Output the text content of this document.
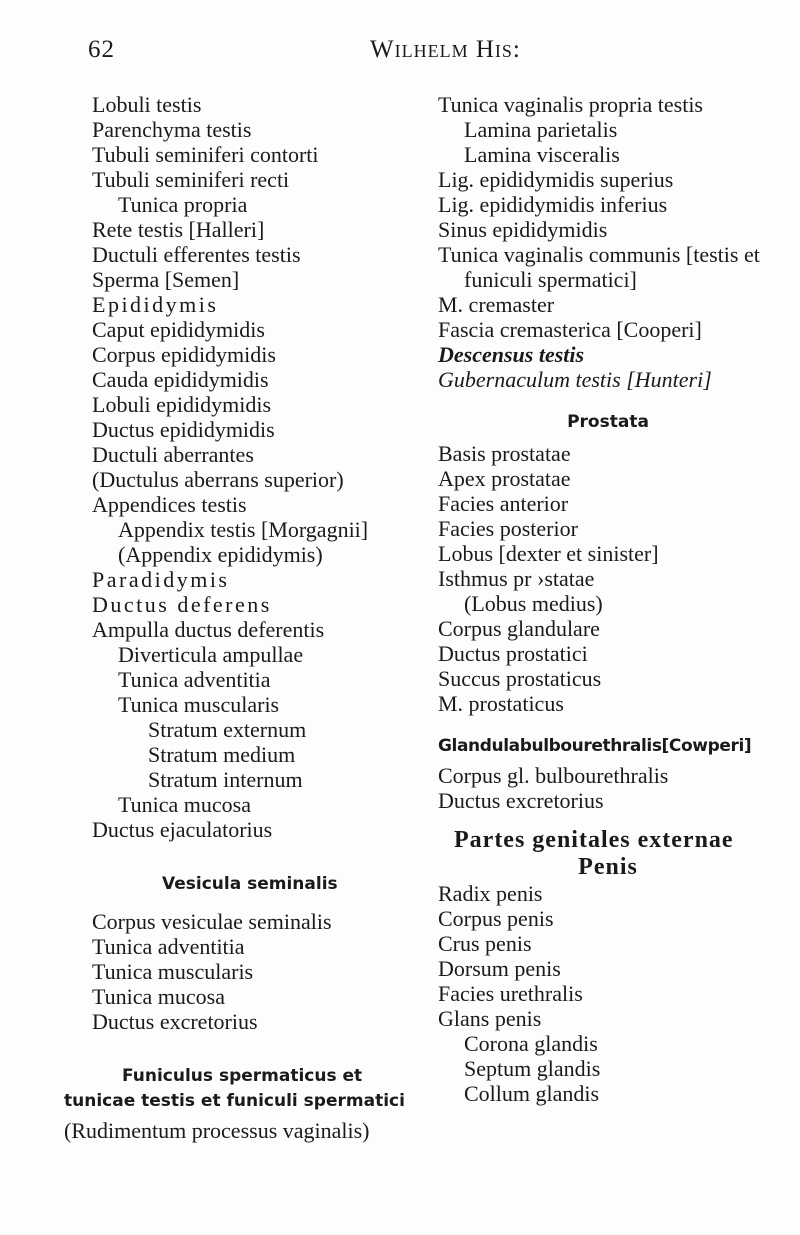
62	Wilhelm His:
Lobuli testis
Parenchyma testis
Tubuli seminiferi contorti
Tubuli seminiferi recti
Tunica propria
Rete testis [Halleri]
Ductuli efferentes testis
Sperma [Semen]
Epididymis
Caput epididymidis
Corpus epididymidis
Cauda epididymidis
Lobuli epididymidis
Ductus epididymidis
Ductuli aberrantes
(Ductulus aberrans superior)
Appendices testis
Appendix testis [Morgagnii]
(Appendix epididymis)
Paradidymis
Ductus deferens
Ampulla ductus deferentis
Diverticula ampullae
Tunica adventitia
Tunica muscularis
Stratum externum
Stratum medium
Stratum internum
Tunica mucosa
Ductus ejaculatorius
Vesicula seminalis
Corpus vesiculae seminalis
Tunica adventitia
Tunica muscularis
Tunica mucosa
Ductus excretorius
Funiculus spermaticus et
tunicae testis et funiculi spermatici
(Rudimentum processus vaginalis)
Tunica vaginalis propria testis
Lamina parietalis
Lamina visceralis
Lig. epididymidis superius
Lig. epididymidis inferius
Sinus epididymidis
Tunica vaginalis communis [testis et
funiculi spermatici]
M. cremaster
Fascia cremasterica [Cooperi]
Descensus testis
Gubernaculum testis [Hunteri]
Prostata
Basis prostatae
Apex prostatae
Facies anterior
Facies posterior
Lobus [dexter et sinister]
Isthmus pr ›statae
(Lobus medius)
Corpus glandulare
Ductus prostatici
Succus prostaticus
M. prostaticus
Glandulabulbourethralis[Cowperi]
Corpus gl. bulbourethralis
Ductus excretorius
Partes genitales externae
Penis
Radix penis
Corpus penis
Crus penis
Dorsum penis
Facies urethralis
Glans penis
Corona glandis
Septum glandis
Collum glandis
